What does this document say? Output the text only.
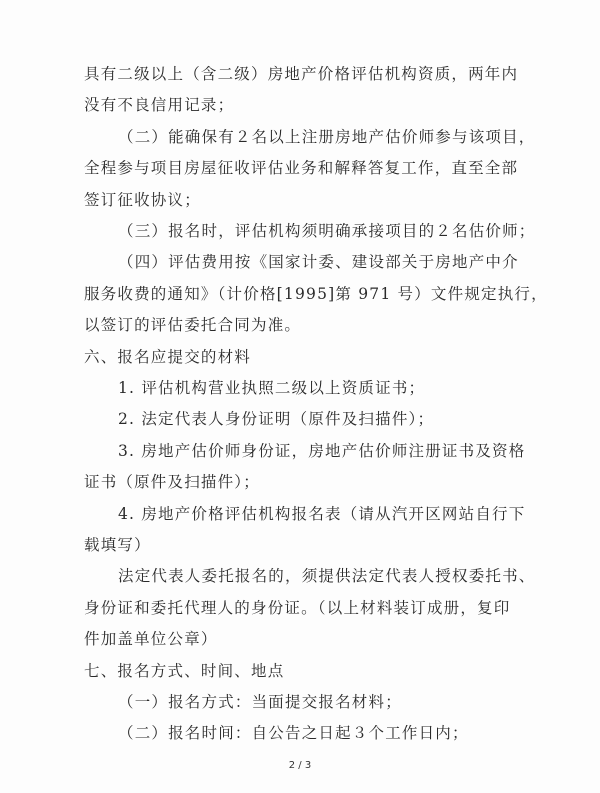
具有二级以上（含二级）房地产价格评估机构资质，两年内
没有不良信用记录；
（二）能确保有２名以上注册房地产估价师参与该项目，
全程参与项目房屋征收评估业务和解释答复工作，直至全部
签订征收协议；
（三）报名时，评估机构须明确承接项目的２名估价师；
（四）评估费用按《国家计委、建设部关于房地产中介
服务收费的通知》（计价格[1995]第 971 号）文件规定执行，
以签订的评估委托合同为准。
六、报名应提交的材料
1. 评估机构营业执照二级以上资质证书；
2. 法定代表人身份证明（原件及扫描件）；
3. 房地产估价师身份证，房地产估价师注册证书及资格
证书（原件及扫描件）；
4. 房地产价格评估机构报名表（请从汽开区网站自行下
载填写）
法定代表人委托报名的，须提供法定代表人授权委托书、
身份证和委托代理人的身份证。（以上材料装订成册，复印
件加盖单位公章）
七、报名方式、时间、地点
（一）报名方式：当面提交报名材料；
（二）报名时间：自公告之日起３个工作日内；
2 / 3
